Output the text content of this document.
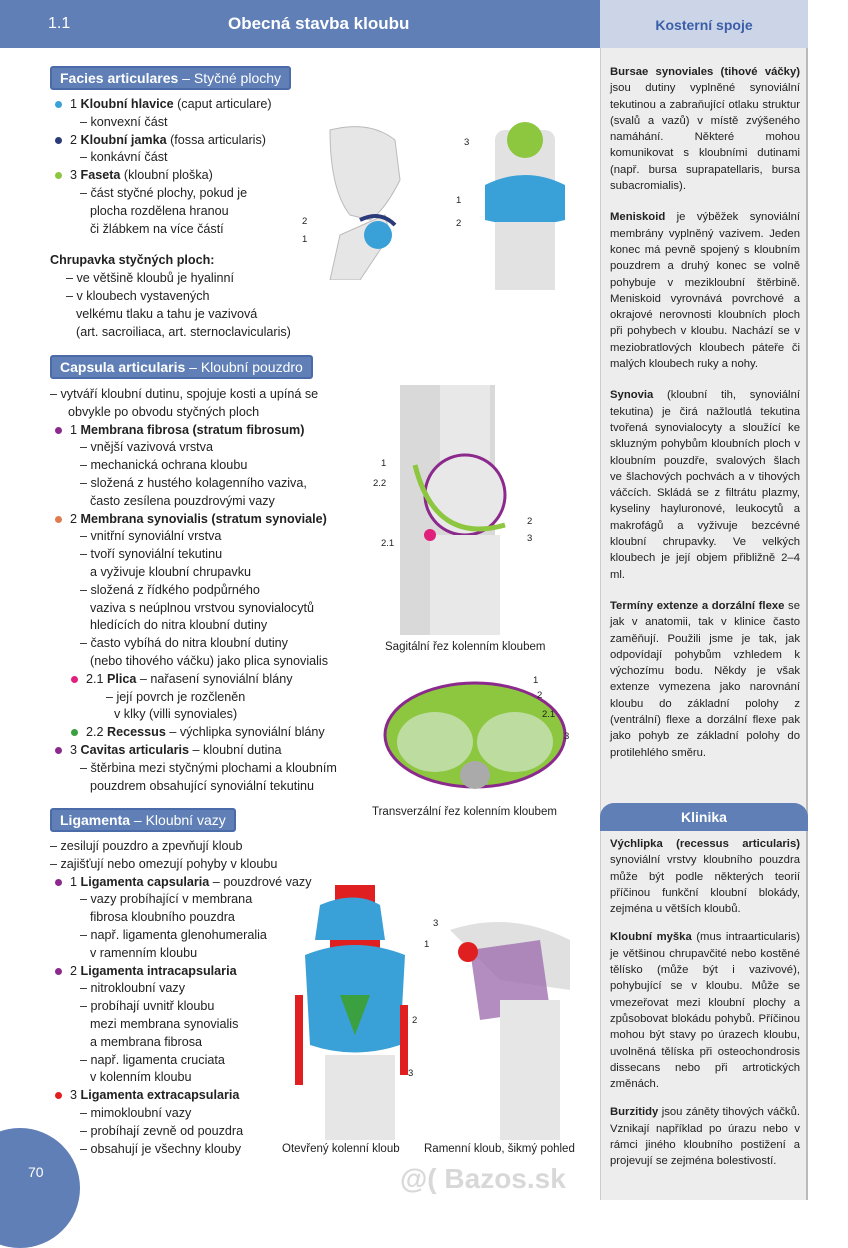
1.1	Obecná stavba kloubu	Kosterní spoje
Bursae synoviales (tihové váčky) jsou dutiny vyplněné synoviální tekutinou a zabraňující otlaku struktur (svalů a vazů) v místě zvýšeného namáhání. Některé mohou komunikovat s kloubními dutinami (např. bursa suprapatellaris, bursa subacromialis).
Meniskoid je výběžek synoviální membrány vyplněný vazivem. Jeden konec má pevně spojený s kloubním pouzdrem a druhý konec se volně pohybuje v mezikloubní štěrbině. Meniskoid vyrovnává povrchové a okrajové nerovnosti kloubních ploch při pohybech v kloubu. Nachází se v meziobratlových kloubech páteře či malých kloubech ruky a nohy.
Synovia (kloubní tih, synoviální tekutina) je čirá nažloutlá tekutina tvořená synovialocyty a sloužící ke skluzným pohybům kloubních ploch v kloubním pouzdře, svalových šlach ve šlachových pochvách a v tihových váčcích. Skládá se z filtrátu plazmy, kyseliny hayluronové, leukocytů a makrofágů a vyživuje bezcévné kloubní chrupavky. Ve velkých kloubech je její objem přibližně 2–4 ml.
Termíny extenze a dorzální flexe se jak v anatomii, tak v klinice často zaměňují. Použili jsme je tak, jak odpovídají pohybům vzhledem k výchozímu bodu. Někdy je však extenze vymezena jako narovnání kloubu do základní polohy z (ventrální) flexe a dorzální flexe pak jako pohyb ze základní polohy do protilehlého směru.
Klinika
Výchlipka (recessus articularis) synoviální vrstvy kloubního pouzdra může být podle některých teorií příčinou funkční kloubní blokády, zejména u větších kloubů.
Kloubní myška (mus intraarticularis) je většinou chrupavčité nebo kostěné tělísko (může být i vazivové), pohybující se v kloubu. Může se vmezeřovat mezi kloubní plochy a způsobovat blokádu pohybů. Příčinou mohou být stavy po úrazech kloubu, uvolněná tělíska při osteochondrosis dissecans nebo při artrotických změnách.
Burzitidy jsou záněty tihových váčků. Vznikají například po úrazu nebo v rámci jiného kloubního postižení a projevují se zejména bolestivostí.
Facies articulares – Styčné plochy
1 Kloubní hlavice (caput articulare)
– konvexní část
2 Kloubní jamka (fossa articularis)
– konkávní část
3 Faseta (kloubní ploška)
– část styčné plochy, pokud je
plocha rozdělena hranou
či žlábkem na více částí
Chrupavka styčných ploch:
– ve většině kloubů je hyalinní
– v kloubech vystavených
velkému tlaku a tahu je vazivová
(art. sacroiliaca, art. sternoclavicularis)
Capsula articularis – Kloubní pouzdro
– vytváří kloubní dutinu, spojuje kosti a upíná se
obvykle po obvodu styčných ploch
1 Membrana fibrosa (stratum fibrosum)
– vnější vazivová vrstva
– mechanická ochrana kloubu
– složená z hustého kolagenního vaziva,
často zesílena pouzdrovými vazy
2 Membrana synovialis (stratum synoviale)
– vnitřní synoviální vrstva
– tvoří synoviální tekutinu
a vyživuje kloubní chrupavku
– složená z řídkého podpůrného
vaziva s neúplnou vrstvou synovialocytů
hledících do nitra kloubní dutiny
– často vybíhá do nitra kloubní dutiny
(nebo tihového váčku) jako plica synovialis
2.1 Plica – nařasení synoviální blány
– její povrch je rozčleněn
v klky (villi synoviales)
2.2 Recessus – výchlipka synoviální blány
3 Cavitas articularis – kloubní dutina
– štěrbina mezi styčnými plochami a kloubním
pouzdrem obsahující synoviální tekutinu
Ligamenta – Kloubní vazy
– zesilují pouzdro a zpevňují kloub
– zajišťují nebo omezují pohyby v kloubu
1 Ligamenta capsularia – pouzdrové vazy
– vazy probíhající v membrana
fibrosa kloubního pouzdra
– např. ligamenta glenohumeralia
v ramenním kloubu
2 Ligamenta intracapsularia
– nitrokloubní vazy
– probíhají uvnitř kloubu
mezi membrana synovialis
a membrana fibrosa
– např. ligamenta cruciata
v kolenním kloubu
3 Ligamenta extracapsularia
– mimokloubní vazy
– probíhají zevně od pouzdra
– obsahují je všechny klouby
2
1
3
1
2
1
2.2
2.1
2
3
Sagitální řez kolenním kloubem
1
2
2.1
3
Transverzální řez kolenním kloubem
2
3
Otevřený kolenní kloub
3
1
Ramenní kloub, šikmý pohled
70	@( Bazos.sk
